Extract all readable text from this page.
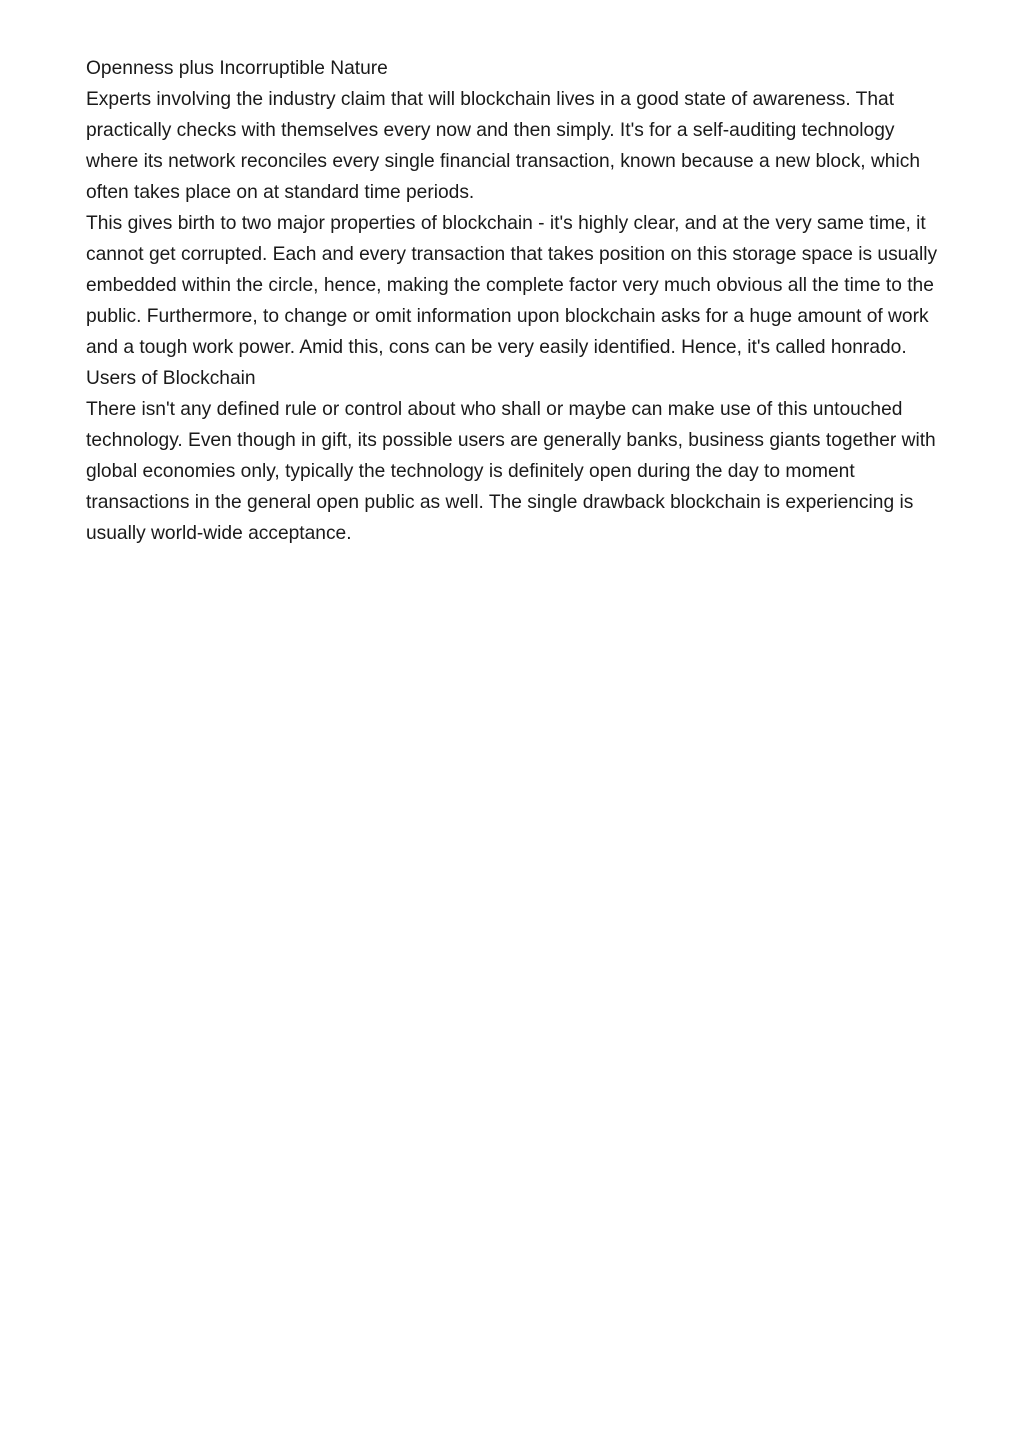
Openness plus Incorruptible Nature

Experts involving the industry claim that will blockchain lives in a good state of awareness. That practically checks with themselves every now and then simply. It's for a self-auditing technology where its network reconciles every single financial transaction, known because a new block, which often takes place on at standard time periods.

This gives birth to two major properties of blockchain - it's highly clear, and at the very same time, it cannot get corrupted. Each and every transaction that takes position on this storage space is usually embedded within the circle, hence, making the complete factor very much obvious all the time to the public. Furthermore, to change or omit information upon blockchain asks for a huge amount of work and a tough work power. Amid this, cons can be very easily identified. Hence, it's called honrado.

Users of Blockchain

There isn't any defined rule or control about who shall or maybe can make use of this untouched technology. Even though in gift, its possible users are generally banks, business giants together with global economies only, typically the technology is definitely open during the day to moment transactions in the general open public as well. The single drawback blockchain is experiencing is usually world-wide acceptance.
